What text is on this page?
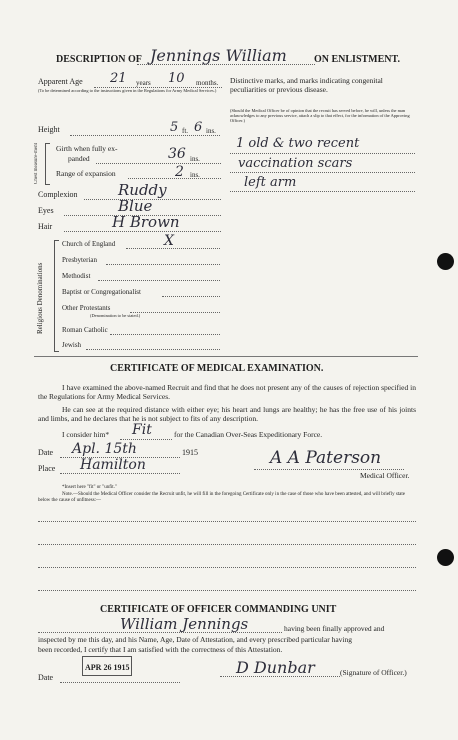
DESCRIPTION OF Jennings William	ON ENLISTMENT.
Apparent Age 21 years 10 months.
(To be determined according to the instructions given in the Regulations for Army Medical Services.)
Distinctive marks, and marks indicating congenital peculiarities or previous disease.
(Should the Medical Officer be of opinion that the recruit has served before, he will, unless the man acknowledges to any previous service, attach a slip to that effect, for the information of the Approving Officer.)
1 old & two recent
vaccination scars
left arm
Height	5 ft. 6 ins.
Chest measure-ment	Girth when fully ex-
panded	36 ins.
Range of expansion	2 ins.
Complexion	Ruddy
Eyes	Blue
Hair	H Brown
Religious Denominations
Church of England	X
Presbyterian
Methodist
Baptist or Congregationalist
Other Protestants
(Denomination to be stated.)
Roman Catholic
Jewish
CERTIFICATE OF MEDICAL EXAMINATION.
I have examined the above-named Recruit and find that he does not present any of the causes of rejection specified in the Regulations for Army Medical Services.
He can see at the required distance with either eye; his heart and lungs are healthy; he has the free use of his joints and limbs, and he declares that he is not subject to fits of any description.
I consider him* Fit	for the Canadian Over-Seas Expeditionary Force.
Date Apl. 15th	1915
Place Hamilton	A A Paterson
Medical Officer.
*Insert here "fit" or "unfit."
Note.—Should the Medical Officer consider the Recruit unfit, he will fill in the foregoing Certificate only in the case of those who have been attested, and will briefly state below the cause of unfitness:—
CERTIFICATE OF OFFICER COMMANDING UNIT
William Jennings	having been finally approved and
inspected by me this day, and his Name, Age, Date of Attestation, and every prescribed particular having
been recorded, I certify that I am satisfied with the correctness of this Attestation.
APR 26 1915	D Dunbar	(Signature of Officer.)
Date
